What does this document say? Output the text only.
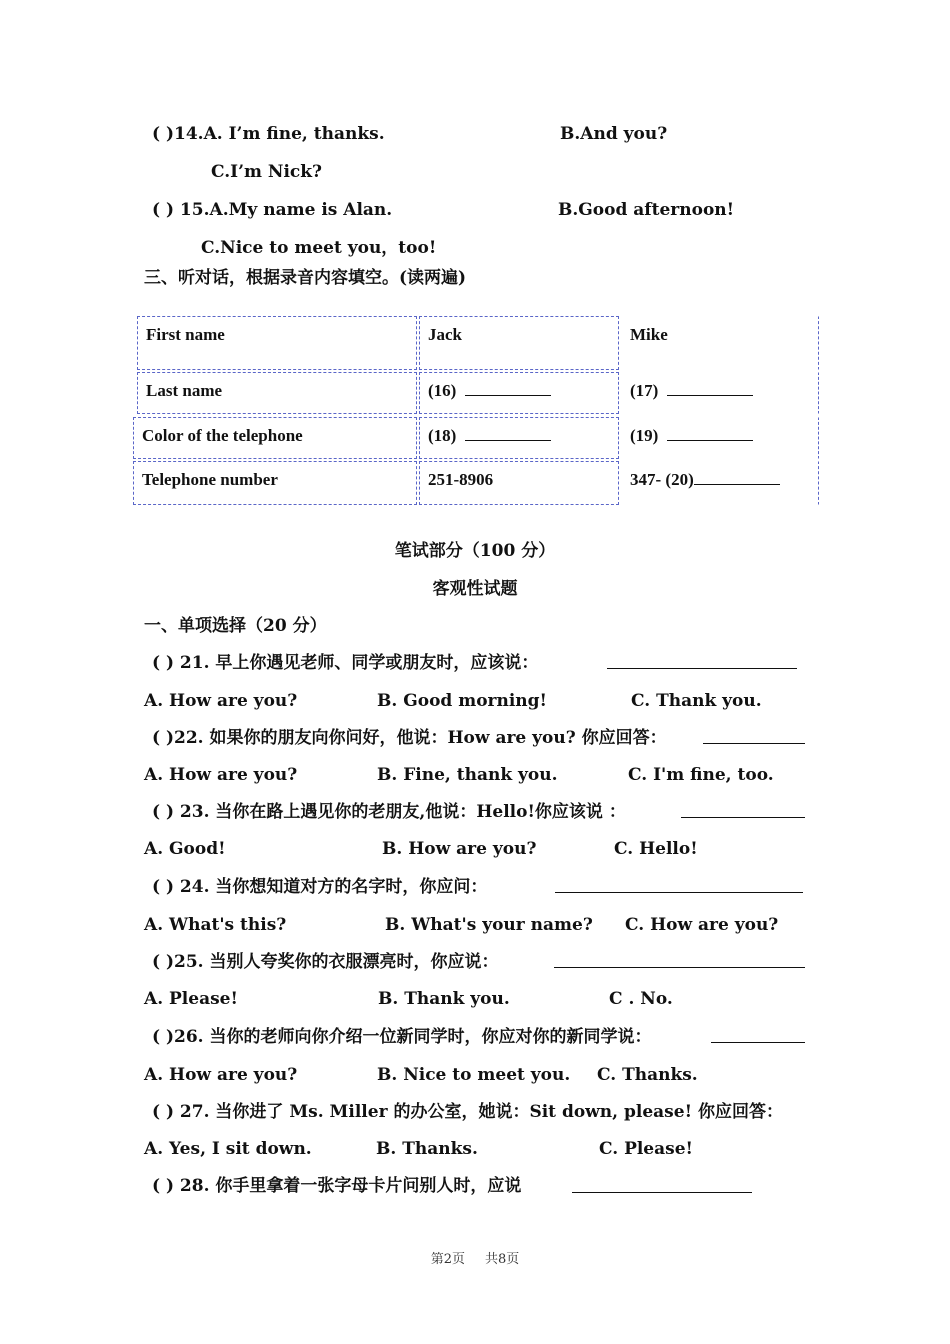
( )14.A. I’m fine, thanks.	B.And you?
C.I’m Nick?
( ) 15.A.My name is Alan.	B.Good afternoon!
C.Nice to meet you，too!
三、听对话，根据录音内容填空。(读两遍)
First name	Jack	Mike
Last name	(16)	(17)
Color of the telephone	(18)	(19)
Telephone number	251-8906	347- (20)
笔试部分（100 分）
客观性试题
一、单项选择（20 分）
( ) 21. 早上你遇见老师、同学或朋友时，应该说：
A. How are you?	B. Good morning!	C. Thank you.
( )22. 如果你的朋友向你问好，他说：How are you? 你应回答：
A. How are you?	B. Fine, thank you.	C. I'm fine, too.
( ) 23. 当你在路上遇见你的老朋友,他说：Hello!你应该说 ：
A. Good!	B. How are you?	C. Hello!
( ) 24. 当你想知道对方的名字时，你应问：
A. What's this?	B. What's your name? C. How are you?
( )25. 当别人夸奖你的衣服漂亮时，你应说：
A. Please!	B. Thank you.	C . No.
( )26. 当你的老师向你介绍一位新同学时，你应对你的新同学说：
A. How are you?	B. Nice to meet you. C. Thanks.
( ) 27. 当你进了 Ms. Miller 的办公室，她说：Sit down, please! 你应回答：
A. Yes, I sit down.	B. Thanks.	C. Please!
( ) 28. 你手里拿着一张字母卡片问别人时，应说
第2页 共8页
